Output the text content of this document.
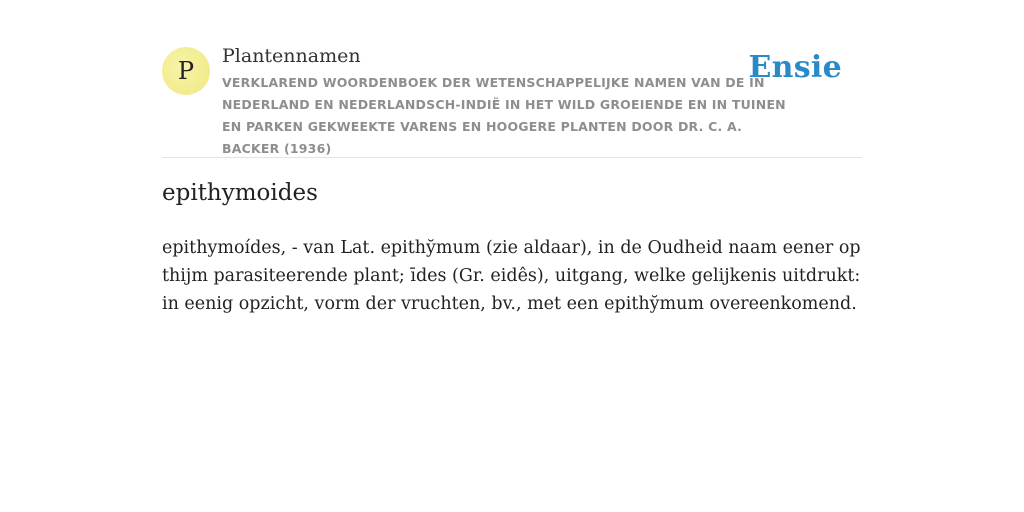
P
Plantennamen
VERKLAREND WOORDENBOEK DER WETENSCHAPPELIJKE NAMEN VAN DE IN NEDERLAND EN NEDERLANDSCH-INDIË IN HET WILD GROEIENDE EN IN TUINEN EN PARKEN GEKWEEKTE VARENS EN HOOGERE PLANTEN DOOR DR. C. A. BACKER (1936)
Ensie
epithymoides

epithymoídes, - van Lat. epithy̆mum (zie aldaar), in de Oudheid naam eener op thijm parasiteerende plant; īdes (Gr. eidês), uitgang, welke gelijkenis uitdrukt: in eenig opzicht, vorm der vruchten, bv., met een epithy̆mum overeenkomend.
